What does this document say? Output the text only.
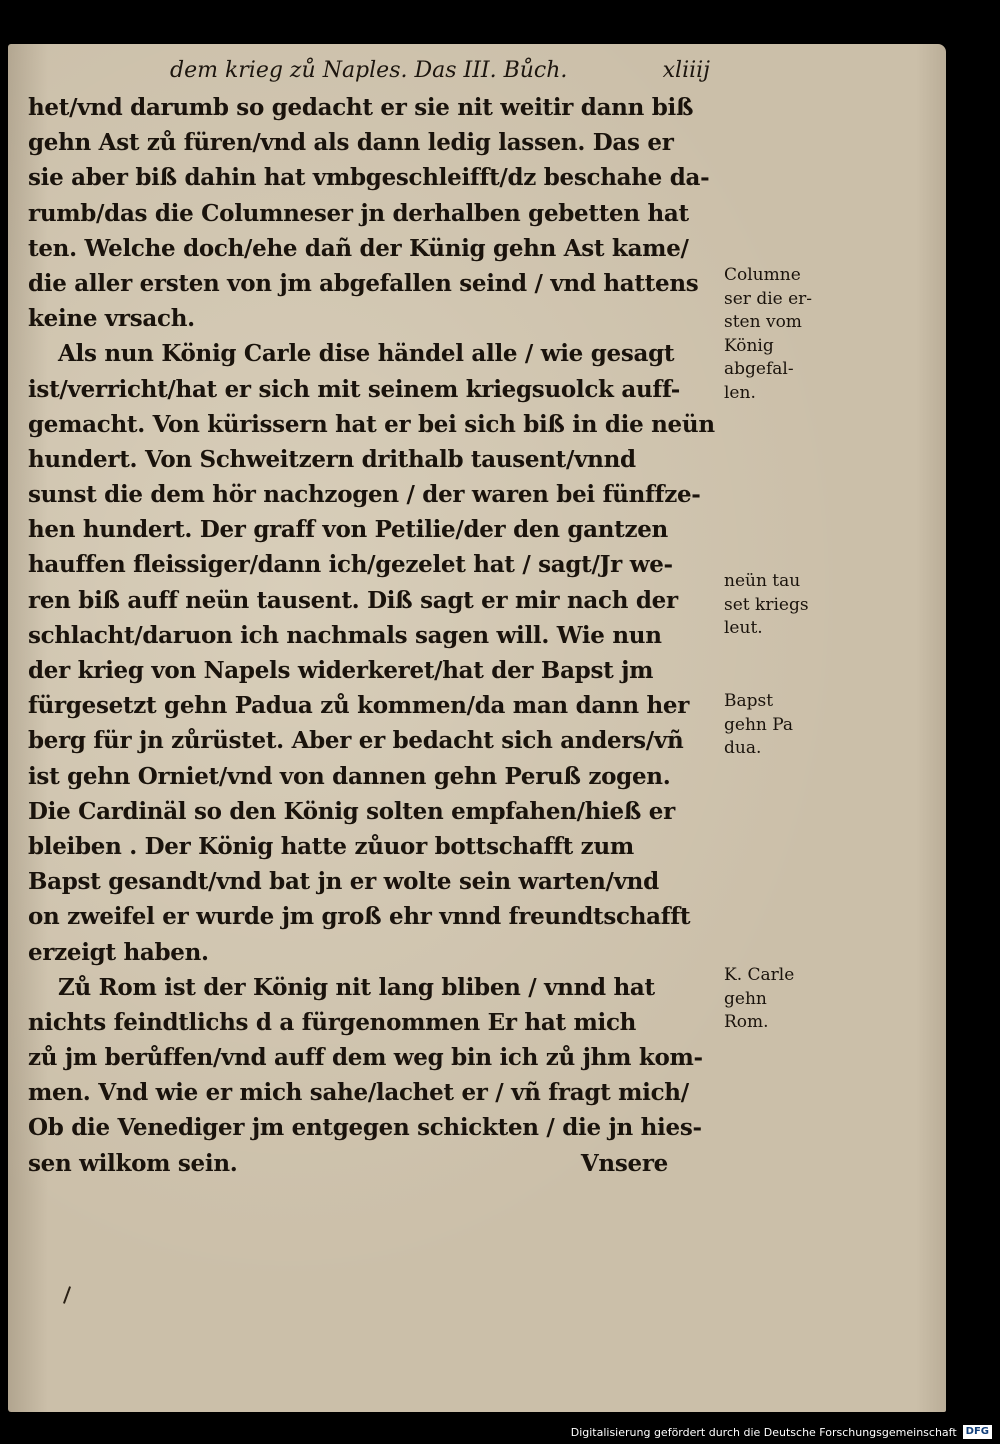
dem krieg zů Naples. Das III. Bůch.	xliiij
het/vnd darumb so gedacht er sie nit weitir dann biß
gehn Ast zů füren/vnd als dann ledig lassen. Das er
sie aber biß dahin hat vmbgeschleifft/dz beschahe da-
rumb/das die Columneser jn derhalben gebetten hat
ten. Welche doch/ehe dañ der Künig gehn Ast kame/
die aller ersten von jm abgefallen seind / vnd hattens
keine vrsach.
Als nun König Carle dise händel alle / wie gesagt
ist/verricht/hat er sich mit seinem kriegsuolck auff-
gemacht. Von kürissern hat er bei sich biß in die neün
hundert. Von Schweitzern drithalb tausent/vnnd
sunst die dem hör nachzogen / der waren bei fünffze-
hen hundert. Der graff von Petilie/der den gantzen
hauffen fleissiger/dann ich/gezelet hat / sagt/Jr we-
ren biß auff neün tausent. Diß sagt er mir nach der
schlacht/daruon ich nachmals sagen will. Wie nun
der krieg von Napels widerkeret/hat der Bapst jm
fürgesetzt gehn Padua zů kommen/da man dann her
berg für jn zůrüstet. Aber er bedacht sich anders/vñ
ist gehn Orniet/vnd von dannen gehn Peruß zogen.
Die Cardinäl so den König solten empfahen/hieß er
bleiben . Der König hatte zůuor bottschafft zum
Bapst gesandt/vnd bat jn er wolte sein warten/vnd
on zweifel er wurde jm groß ehr vnnd freundtschafft
erzeigt haben.
Zů Rom ist der König nit lang bliben / vnnd hat
nichts feindtlichs d a fürgenommen Er hat mich
zů jm berůffen/vnd auff dem weg bin ich zů jhm kom-
men. Vnd wie er mich sahe/lachet er / vñ fragt mich/
Ob die Venediger jm entgegen schickten / die jn hies-
sen wilkom sein.	Vnsere
Columne
ser die er-
sten vom
König
abgefal-
len.
neün tau
set kriegs
leut.
Bapst
gehn Pa
dua.
K. Carle
gehn
Rom.
Digitalisierung gefördert durch die Deutsche Forschungsgemeinschaft DFG
